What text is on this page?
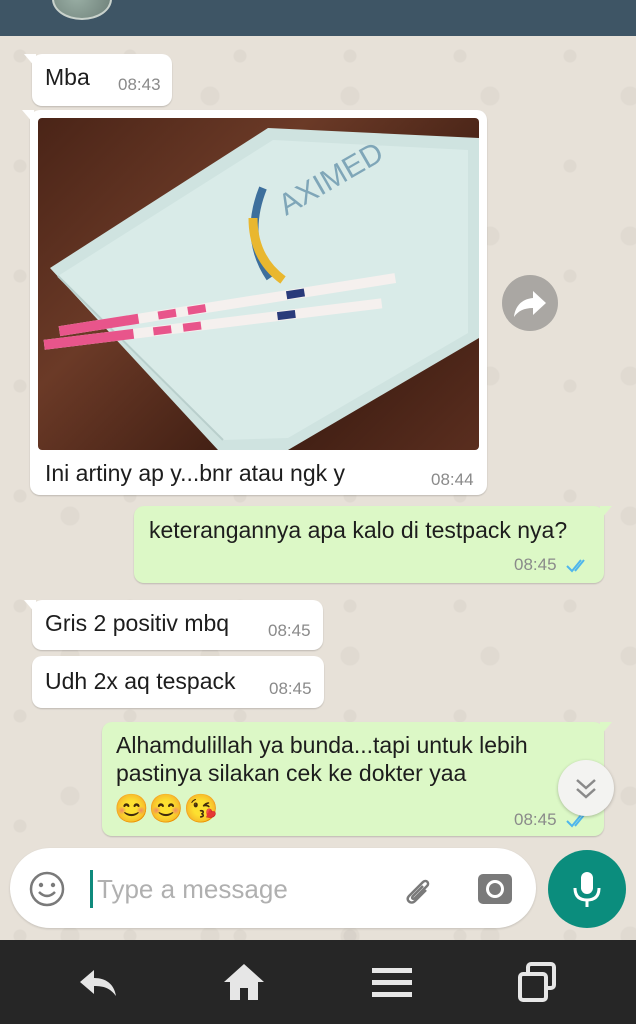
Mba 08:43
AXIMED
Ini artiny ap y...bnr atau ngk y	08:44
keterangannya apa kalo di testpack nya?
08:45
Gris 2 positiv mbq 08:45
Udh 2x aq tespack 08:45
Alhamdulillah ya bunda...tapi untuk lebih
pastinya silakan cek ke dokter yaa
😊😊😘	08:45
Type a message
